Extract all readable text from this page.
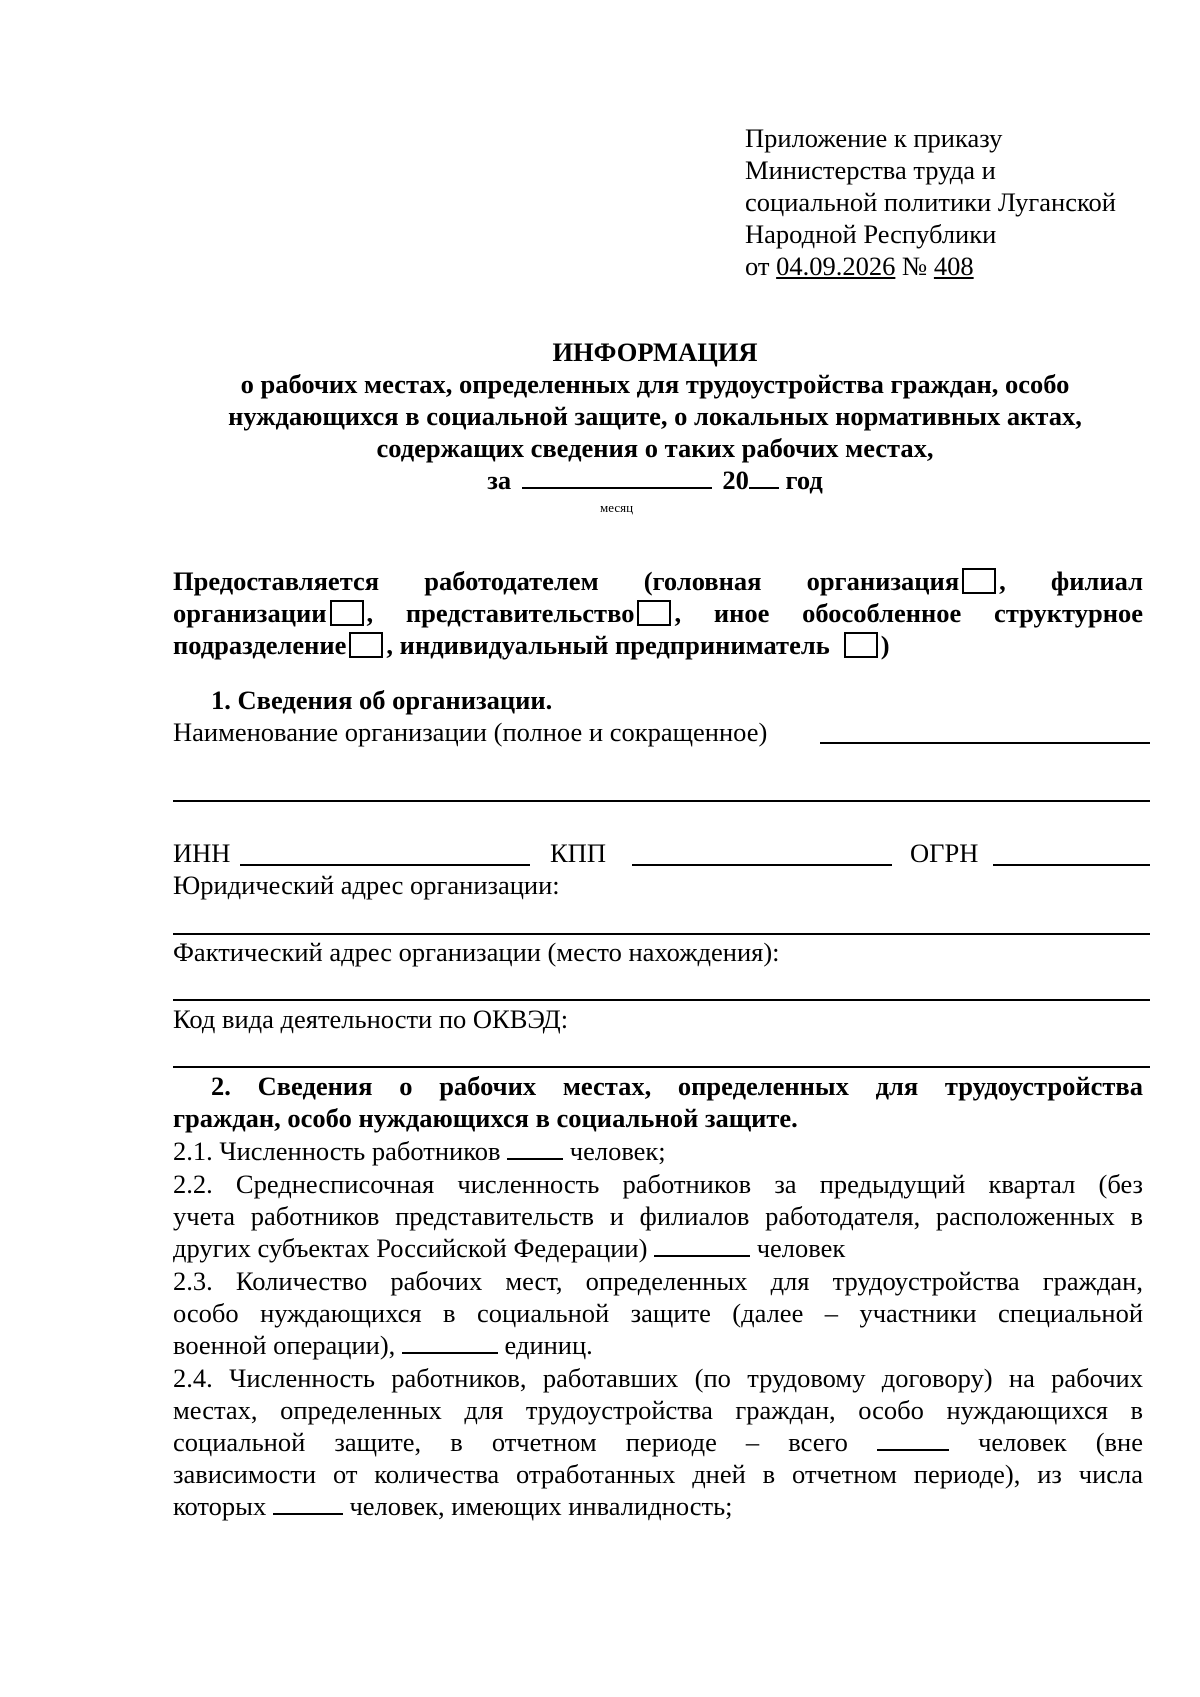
Приложение к приказу
Министерства труда и
социальной политики Луганской
Народной Республики
от 04.09.2026 № 408
ИНФОРМАЦИЯ
о рабочих местах, определенных для трудоустройства граждан, особо
нуждающихся в социальной защите, о локальных нормативных актах,
содержащих сведения о таких рабочих местах,
за	20 год
месяц
Предоставляется работодателем (головная организация , филиал
организации , представительство , иное обособленное структурное
подразделение , индивидуальный предприниматель )
1. Сведения об организации.
Наименование организации (полное и сокращенное)
ИНН	КПП	ОГРН
Юридический адрес организации:
Фактический адрес организации (место нахождения):
Код вида деятельности по ОКВЭД:
2. Сведения о рабочих местах, определенных для трудоустройства
граждан, особо нуждающихся в социальной защите.
2.1. Численность работников	человек;
2.2. Среднесписочная численность работников за предыдущий квартал (без
учета работников представительств и филиалов работодателя, расположенных в
других субъектах Российской Федерации)	человек
2.3. Количество рабочих мест, определенных для трудоустройства граждан,
особо нуждающихся в социальной защите (далее – участники специальной
военной операции),	единиц.
2.4. Численность работников, работавших (по трудовому договору) на рабочих
местах, определенных для трудоустройства граждан, особо нуждающихся в
социальной защите, в отчетном периоде – всего	человек (вне
зависимости от количества отработанных дней в отчетном периоде), из числа
которых	человек, имеющих инвалидность;
